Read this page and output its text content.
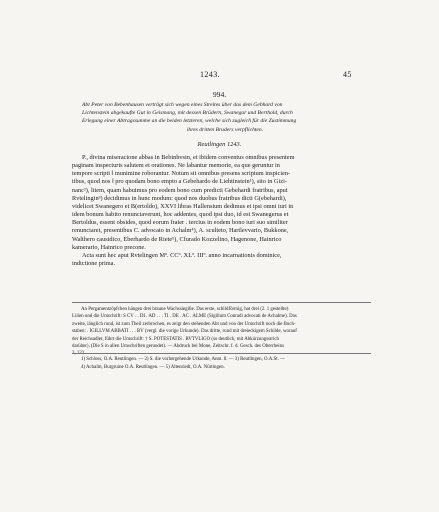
1243.	45
994.
Abt Peter von Bebenhausen verträgt sich wegen eines Streites über das dem Gebhard von
Lichtenstein abgekaufte Gut in Geismang, mit dessen Brüdern, Swanegar und Berthold, durch
Erlegung einer Abtragssumme an die beiden letzteren, welche sich zugleich für die Zustimmung
ihres dritten Bruders verpflichten.
Reutlingen 1243.
P., divina miseracione abbas in Bebinhvsin, et ibidem conventus omnibus presentem
paginam inspecturis salutem et orationes. Ne labantur memorie, ea que geruntur in
tempore scripti ‖ munimine roborantur. Notum sit omnibus presens scriptum inspicien-
tibus, quod nos ‖ pro quodam bono empto a Gebehardo de Liehtinstein¹), sito in Gizi-
nanc²), litem, quam habuimus pro eodem bono cum predicti Gebehardi fratribus, aput
Rvtelingin³) decidimus in hunc modum: quod nos duobus fratribus dicti G(ebehardi),
videlicet Swanegero et B(ertoldo), XXVI libras Hallensium dedimus et ipsi omni iuri in
idem bonum habito renunciaverunt, hoc addentes, quod ipsi duo, id est Swanegerus et
Bertoldus, essent obsides, quod eorum frater . tercius in eodem bono iuri suo similiter
renunciaret, presentibus C. advocato in Achalm⁴), A. scultetο, Hartlevvario, Bukkone,
Walthero causidico, Eberhardo de Riete⁵), Cfurado Kozzelino, Hagenone, Hainrico
kamerario, Hainrico precone.
Acta sunt hec aput Rvtelingen Mº. CCº. XLº. IIIº. anno incarnationis dominice,
indictione prima.
An Pergamentzöpfchen hängen drei braune Wachssiegille. Das erste, schildförmig, hat drei (2. 1 gestellte)
Lilien und die Umschrift: S CV . . DI . AD . . . TI . DE . AC . ALME (Sigillum Conradi advocati de Achalme). Das
zweite, länglich rund, ist zum Theil zerbrochen, es zeigt den stehenden Abt und von der Umschrift noch die Buch-
staben: . IGILLVM ABBATI . . . BV (vergl. die vorige Urkunde). Das dritte, rund mit dreieckigem Schilde, worauf
der Reichsadler, führt die Umschrift: † S. POTESTATIS . RVTVLIGO (so deutlich, mit Abkürzungsstrich
darüber). (Die S in allen Umschriften gerundet). — Abdruck bei Mone, Zeitschr. f. d. Gesch. des Oberrheins
3, 122.
1) Schloss, O.A. Reutlingen. — 2) S. die vorhergehende Urkunde, Anm. 8. — 3) Reutlingen, O.A.St. —
4) Achalm, Burgruine O.A. Reutlingen. — 5) Altenriedt, O.A. Nürtingen.
